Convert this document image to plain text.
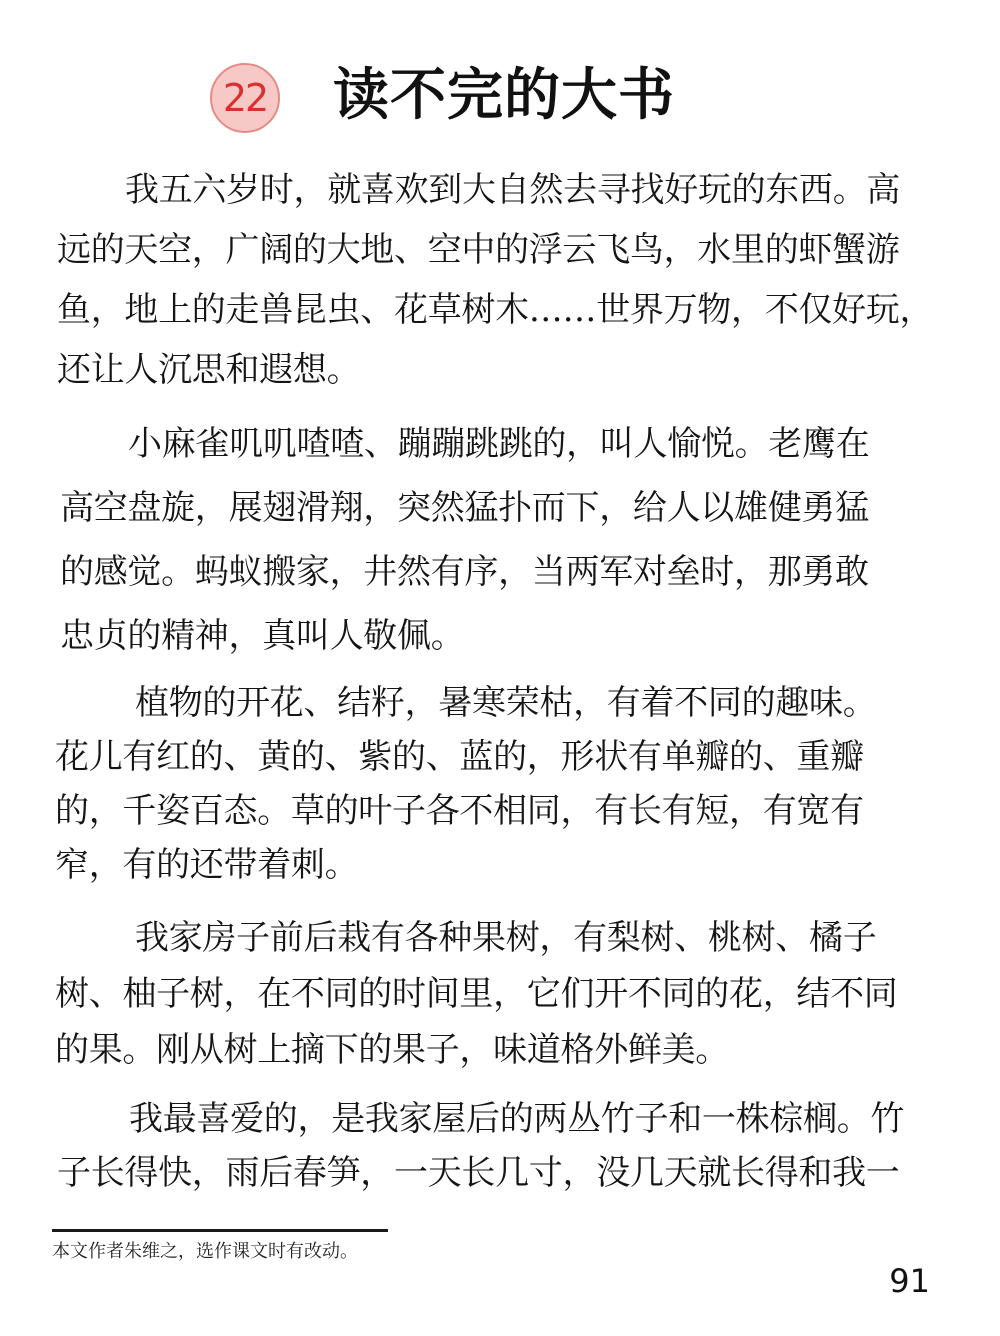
22 读不完的大书
我五六岁时，就喜欢到大自然去寻找好玩的东西。高
远的天空，广阔的大地、空中的浮云飞鸟，水里的虾蟹游
鱼，地上的走兽昆虫、花草树木……世界万物，不仅好玩，
还让人沉思和遐想。
小麻雀叽叽喳喳、蹦蹦跳跳的，叫人愉悦。老鹰在
高空盘旋，展翅滑翔，突然猛扑而下，给人以雄健勇猛
的感觉。蚂蚁搬家，井然有序，当两军对垒时，那勇敢
忠贞的精神，真叫人敬佩。
植物的开花、结籽，暑寒荣枯，有着不同的趣味。
花儿有红的、黄的、紫的、蓝的，形状有单瓣的、重瓣
的，千姿百态。草的叶子各不相同，有长有短，有宽有
窄，有的还带着刺。
我家房子前后栽有各种果树，有梨树、桃树、橘子
树、柚子树，在不同的时间里，它们开不同的花，结不同
的果。刚从树上摘下的果子，味道格外鲜美。
我最喜爱的，是我家屋后的两丛竹子和一株棕榈。竹
子长得快，雨后春笋，一天长几寸，没几天就长得和我一

本文作者朱维之，选作课文时有改动。

91
